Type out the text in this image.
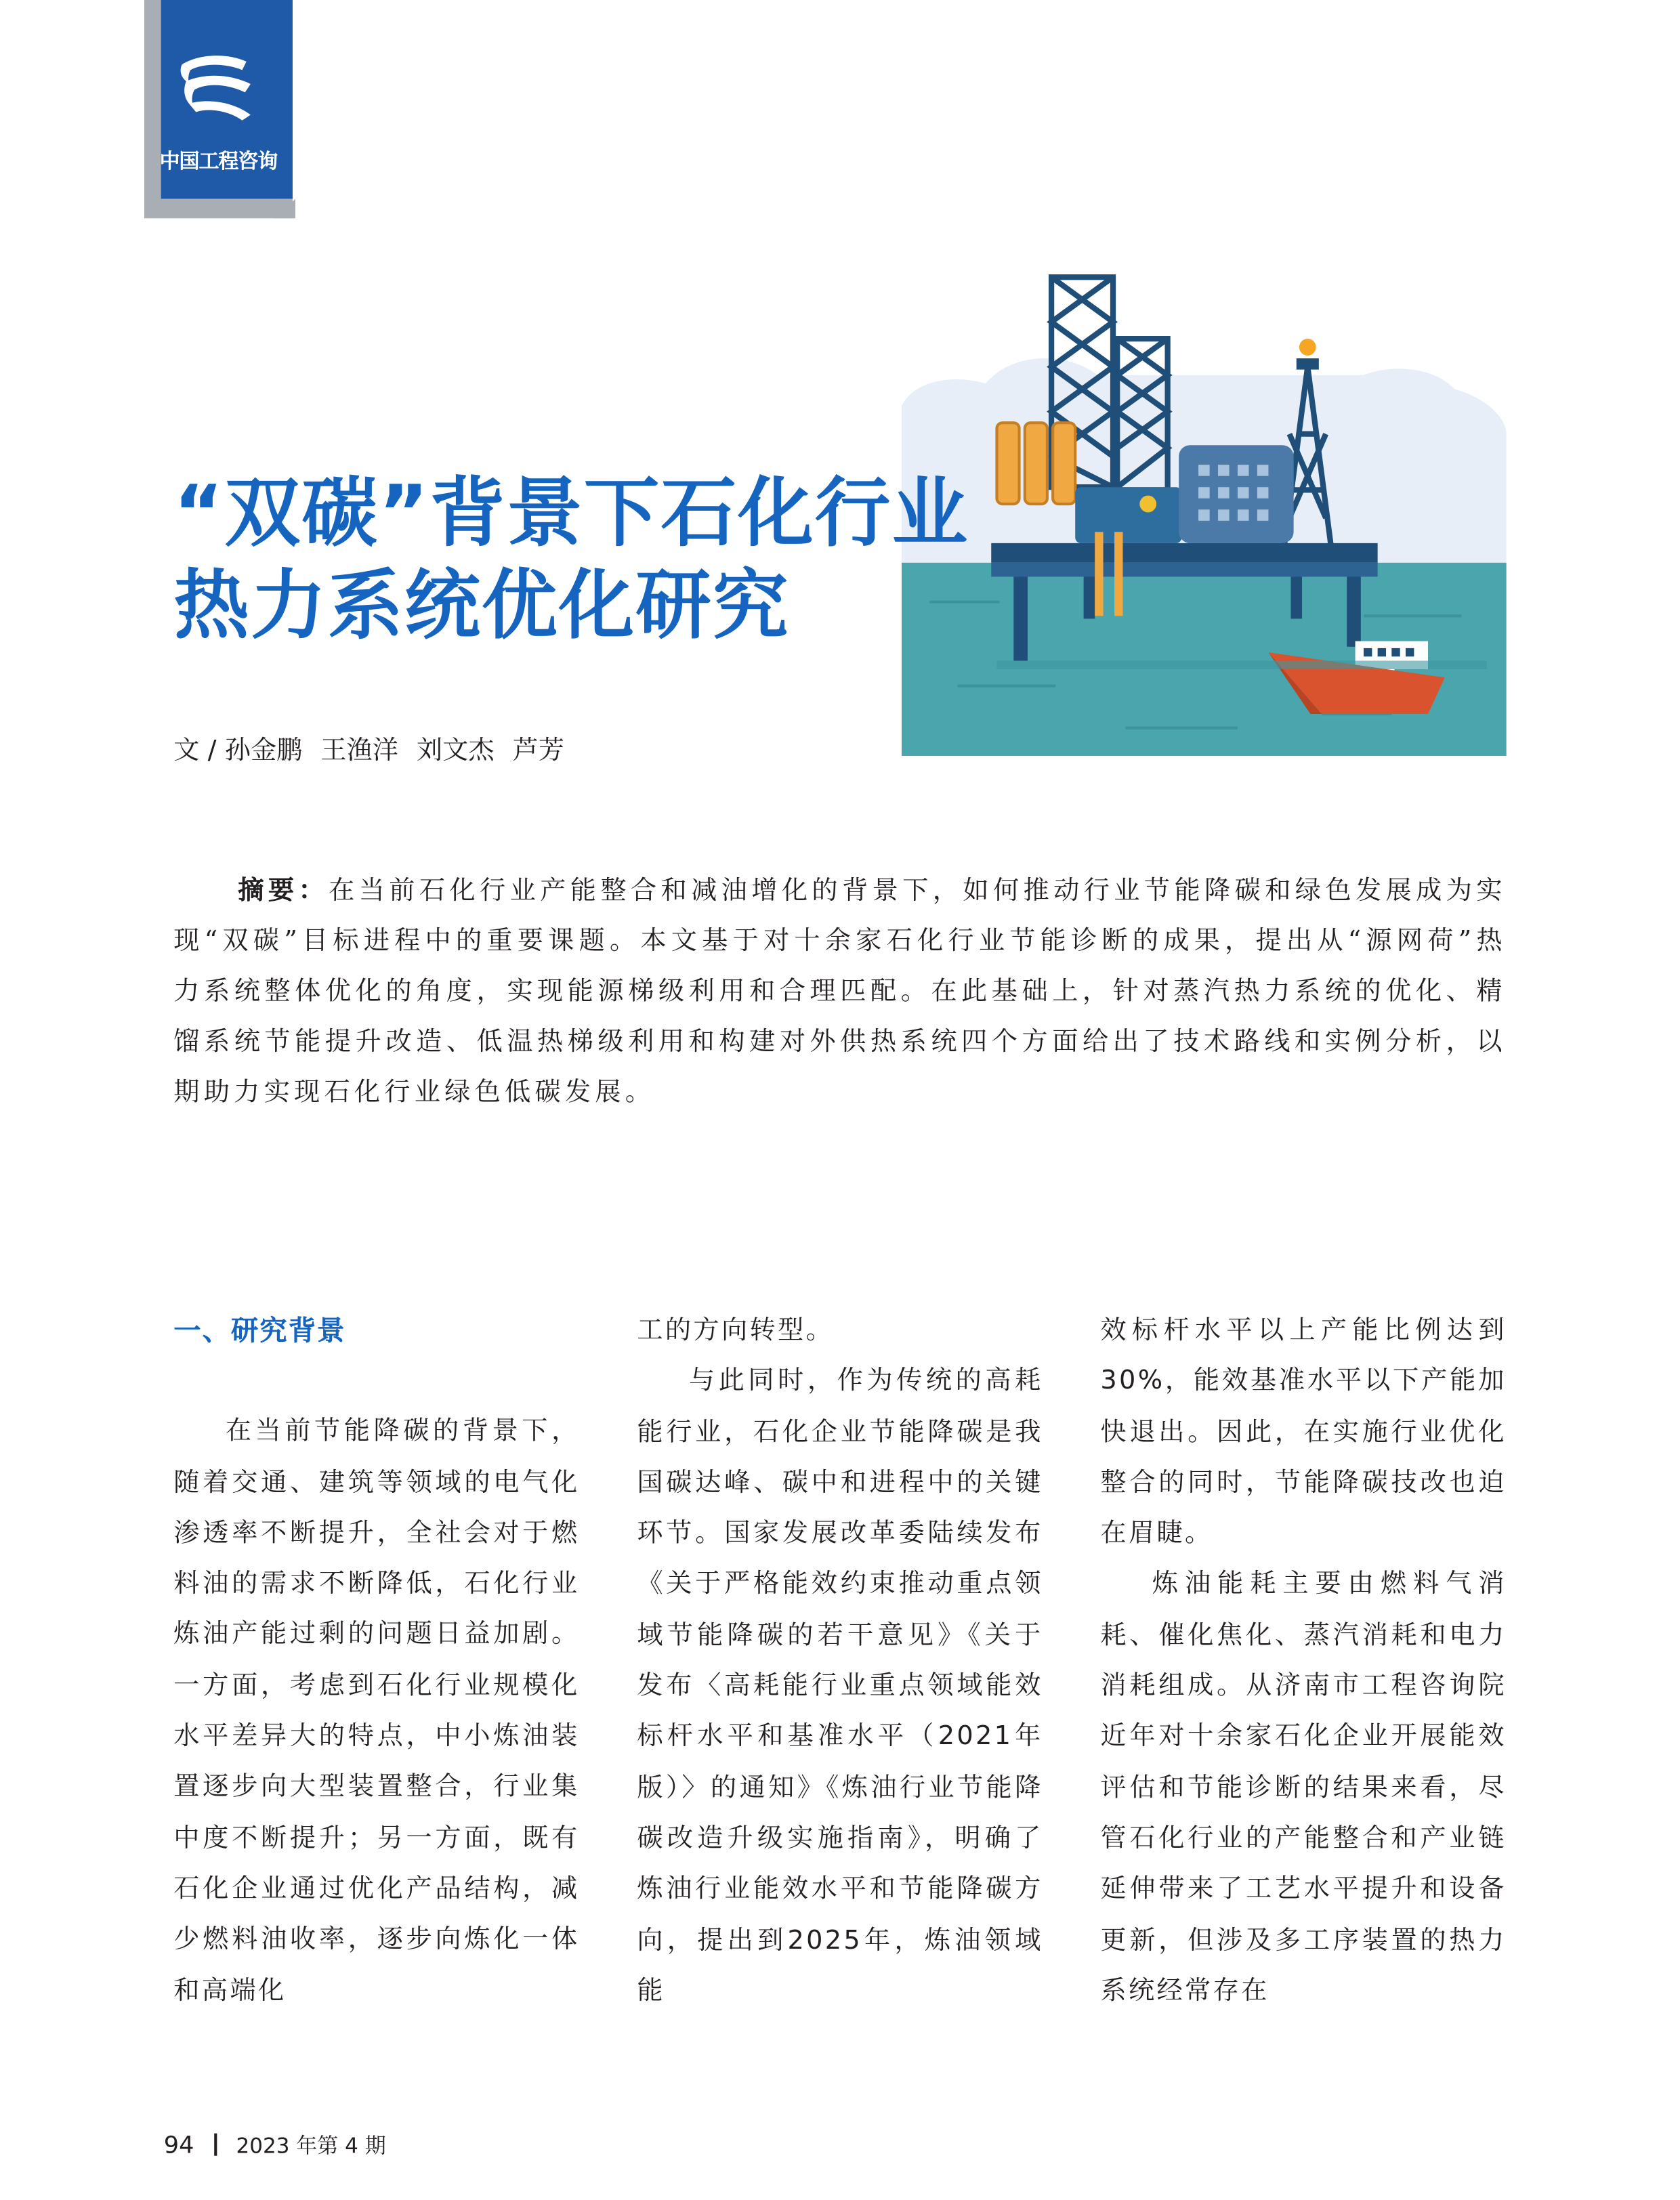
中国工程咨询
“双碳”背景下石化行业
热力系统优化研究
文 / 孙金鹏 王渔洋 刘文杰 芦芳
摘要：在当前石化行业产能整合和减油增化的背景下，如何推动行业节能降碳和绿色发展成为实现“双碳”目标进程中的重要课题。本文基于对十余家石化行业节能诊断的成果，提出从“源网荷”热力系统整体优化的角度，实现能源梯级利用和合理匹配。在此基础上，针对蒸汽热力系统的优化、精馏系统节能提升改造、低温热梯级利用和构建对外供热系统四个方面给出了技术路线和实例分析，以期助力实现石化行业绿色低碳发展。
一、研究背景

在当前节能降碳的背景下，随着交通、建筑等领域的电气化渗透率不断提升，全社会对于燃料油的需求不断降低，石化行业炼油产能过剩的问题日益加剧。一方面，考虑到石化行业规模化水平差异大的特点，中小炼油装置逐步向大型装置整合，行业集中度不断提升；另一方面，既有石化企业通过优化产品结构，减少燃料油收率，逐步向炼化一体和高端化

工的方向转型。

与此同时，作为传统的高耗能行业，石化企业节能降碳是我国碳达峰、碳中和进程中的关键环节。国家发展改革委陆续发布《关于严格能效约束推动重点领域节能降碳的若干意见》《关于发布〈高耗能行业重点领域能效标杆水平和基准水平（2021年版）〉的通知》《炼油行业节能降碳改造升级实施指南》，明确了炼油行业能效水平和节能降碳方向，提出到2025年，炼油领域能

效标杆水平以上产能比例达到30%，能效基准水平以下产能加快退出。因此，在实施行业优化整合的同时，节能降碳技改也迫在眉睫。

炼油能耗主要由燃料气消耗、催化焦化、蒸汽消耗和电力消耗组成。从济南市工程咨询院近年对十余家石化企业开展能效评估和节能诊断的结果来看，尽管石化行业的产能整合和产业链延伸带来了工艺水平提升和设备更新，但涉及多工序装置的热力系统经常存在

94	2023 年第 4 期
